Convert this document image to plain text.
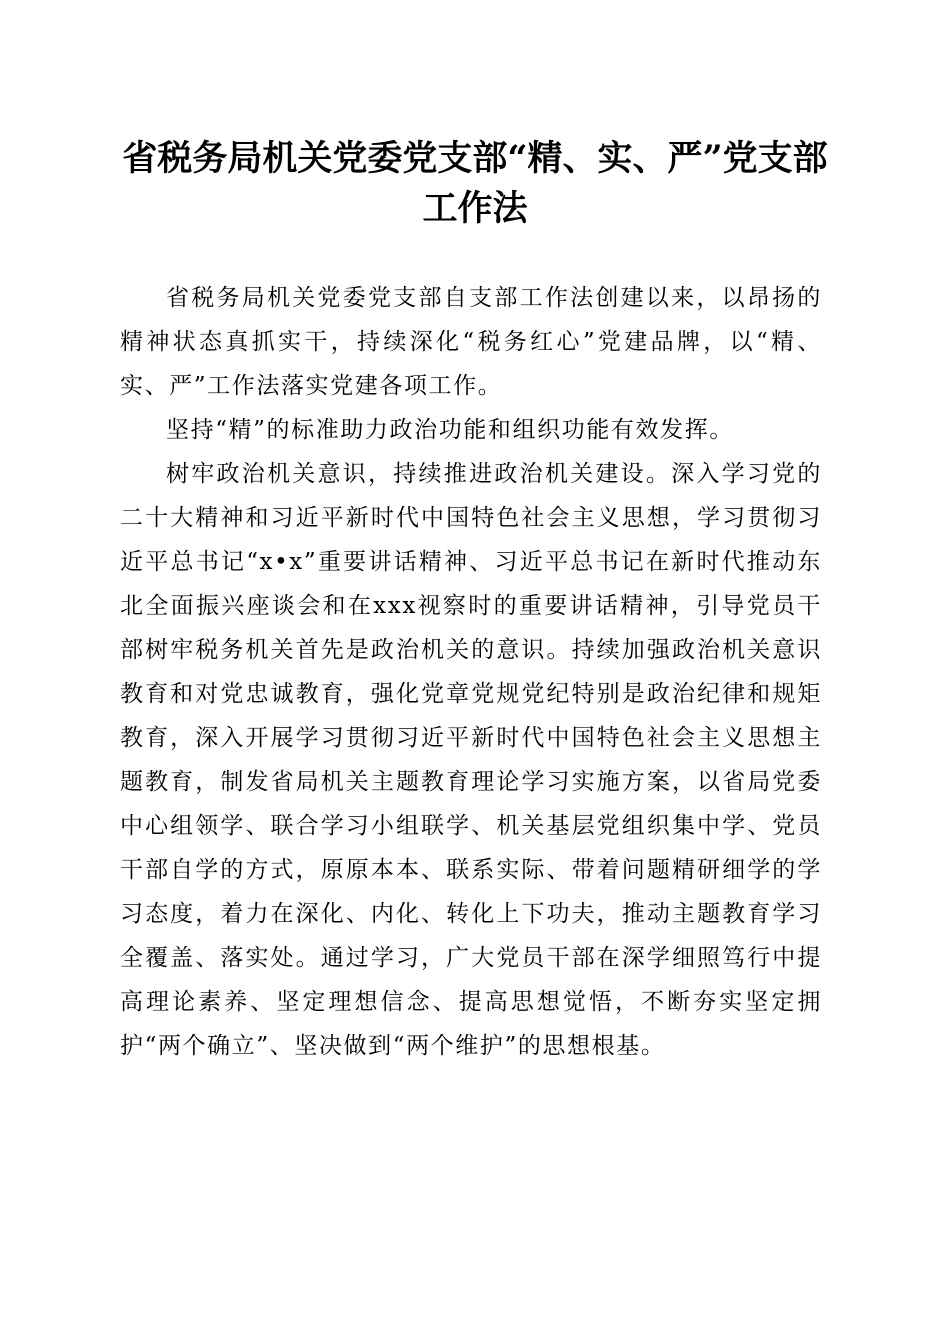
省税务局机关党委党支部“精、实、严”党支部工作法

省税务局机关党委党支部自支部工作法创建以来，以昂扬的精神状态真抓实干，持续深化“税务红心”党建品牌，以“精、实、严”工作法落实党建各项工作。

坚持“精”的标准助力政治功能和组织功能有效发挥。

树牢政治机关意识，持续推进政治机关建设。深入学习党的二十大精神和习近平新时代中国特色社会主义思想，学习贯彻习近平总书记“x•x”重要讲话精神、习近平总书记在新时代推动东北全面振兴座谈会和在xxx视察时的重要讲话精神，引导党员干部树牢税务机关首先是政治机关的意识。持续加强政治机关意识教育和对党忠诚教育，强化党章党规党纪特别是政治纪律和规矩教育，深入开展学习贯彻习近平新时代中国特色社会主义思想主题教育，制发省局机关主题教育理论学习实施方案，以省局党委中心组领学、联合学习小组联学、机关基层党组织集中学、党员干部自学的方式，原原本本、联系实际、带着问题精研细学的学习态度，着力在深化、内化、转化上下功夫，推动主题教育学习全覆盖、落实处。通过学习，广大党员干部在深学细照笃行中提高理论素养、坚定理想信念、提高思想觉悟，不断夯实坚定拥护“两个确立”、坚决做到“两个维护”的思想根基。
